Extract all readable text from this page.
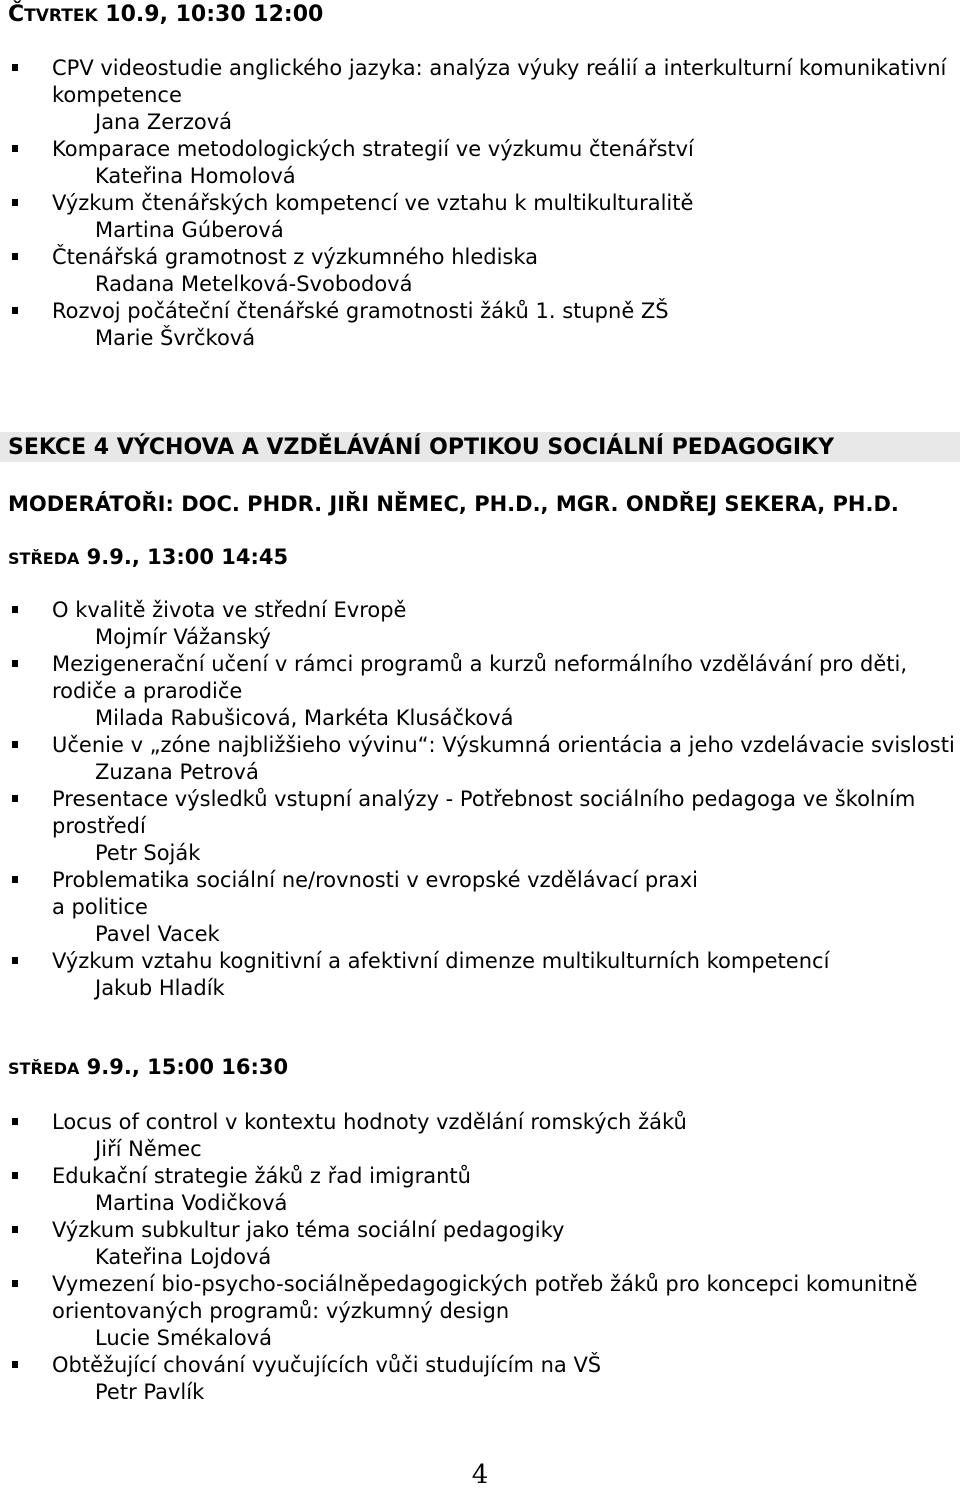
ČTVRTEK 10.9, 10:30 12:00
CPV videostudie anglického jazyka: analýza výuky reálií a interkulturní komunikativní kompetence
Jana Zerzová
Komparace metodologických strategií ve výzkumu čtenářství
Kateřina Homolová
Výzkum čtenářských kompetencí ve vztahu k multikulturalitě
Martina Gúberová
Čtenářská gramotnost z výzkumného hlediska
Radana Metelková-Svobodová
Rozvoj počáteční čtenářské gramotnosti žáků 1. stupně ZŠ
Marie Švrčková
SEKCE 4 VÝCHOVA A VZDĚLÁVÁNÍ OPTIKOU SOCIÁLNÍ PEDAGOGIKY
MODERÁTOŘI: DOC. PHDR. JIŘI NĚMEC, PH.D., MGR. ONDŘEJ SEKERA, PH.D.
STŘEDA 9.9., 13:00 14:45
O kvalitě života ve střední Evropě
Mojmír Vážanský
Mezigenerační učení v rámci programů a kurzů neformálního vzdělávání pro děti, rodiče a prarodiče
Milada Rabušicová, Markéta Klusáčková
Učenie v „zóne najbližšieho vývinu“: Výskumná orientácia a jeho vzdelávacie svislosti
Zuzana Petrová
Presentace výsledků vstupní analýzy - Potřebnost sociálního pedagoga ve školním prostředí
Petr Soják
Problematika sociální ne/rovnosti v evropské vzdělávací praxi
a politice
Pavel Vacek
Výzkum vztahu kognitivní a afektivní dimenze multikulturních kompetencí
Jakub Hladík
STŘEDA 9.9., 15:00 16:30
Locus of control v kontextu hodnoty vzdělání romských žáků
Jiří Němec
Edukační strategie žáků z řad imigrantů
Martina Vodičková
Výzkum subkultur jako téma sociální pedagogiky
Kateřina Lojdová
Vymezení bio-psycho-sociálněpedagogických potřeb žáků pro koncepci komunitně orientovaných programů: výzkumný design
Lucie Smékalová
Obtěžující chování vyučujících vůči studujícím na VŠ
Petr Pavlík
4
